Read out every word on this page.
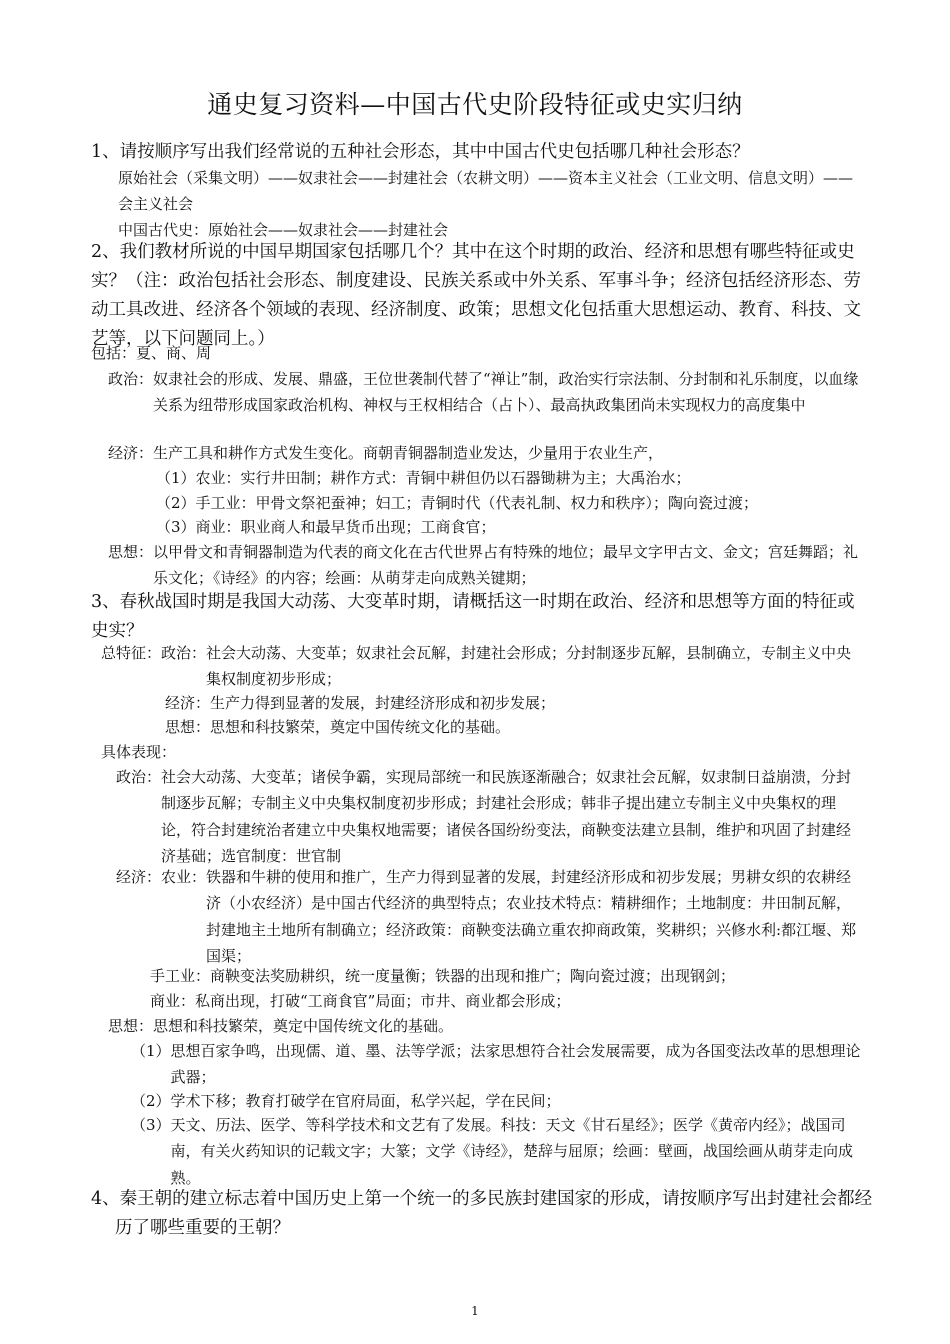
通史复习资料—中国古代史阶段特征或史实归纳
1、请按顺序写出我们经常说的五种社会形态，其中中国古代史包括哪几种社会形态？
原始社会（采集文明）——奴隶社会——封建社会（农耕文明）——资本主义社会（工业文明、信息文明）——会主义社会
中国古代史：原始社会——奴隶社会——封建社会
2、我们教材所说的中国早期国家包括哪几个？其中在这个时期的政治、经济和思想有哪些特征或史实？（注：政治包括社会形态、制度建设、民族关系或中外关系、军事斗争；经济包括经济形态、劳动工具改进、经济各个领域的表现、经济制度、政策；思想文化包括重大思想运动、教育、科技、文艺等，以下问题同上。）
包括：夏、商、周
政治： 奴隶社会的形成、发展、鼎盛，王位世袭制代替了“禅让”制，政治实行宗法制、分封制和礼乐制度，以血缘关系为纽带形成国家政治机构、神权与王权相结合（占卜）、最高执政集团尚未实现权力的高度集中
经济： 生产工具和耕作方式发生变化。商朝青铜器制造业发达，少量用于农业生产，
（1）农业：实行井田制；耕作方式：青铜中耕但仍以石器锄耕为主；大禹治水；
（2）手工业：甲骨文祭祀蚕神；妇工；青铜时代（代表礼制、权力和秩序）；陶向瓷过渡；
（3）商业：职业商人和最早货币出现；工商食官；
思想： 以甲骨文和青铜器制造为代表的商文化在古代世界占有特殊的地位；最早文字甲古文、金文；宫廷舞蹈；礼乐文化；《诗经》的内容；绘画：从萌芽走向成熟关键期；
3、春秋战国时期是我国大动荡、大变革时期，请概括这一时期在政治、经济和思想等方面的特征或史实？
总特征：政治： 社会大动荡、大变革；奴隶社会瓦解，封建社会形成；分封制逐步瓦解，县制确立，专制主义中央集权制度初步形成；
经济：生产力得到显著的发展，封建经济形成和初步发展；
思想：思想和科技繁荣，奠定中国传统文化的基础。
具体表现：
政治： 社会大动荡、大变革；诸侯争霸，实现局部统一和民族逐渐融合；奴隶社会瓦解，奴隶制日益崩溃，分封制逐步瓦解；专制主义中央集权制度初步形成；封建社会形成；韩非子提出建立专制主义中央集权的理论，符合封建统治者建立中央集权地需要；诸侯各国纷纷变法，商鞅变法建立县制，维护和巩固了封建经济基础；选官制度：世官制
经济：农业： 铁器和牛耕的使用和推广，生产力得到显著的发展，封建经济形成和初步发展；男耕女织的农耕经济（小农经济）是中国古代经济的典型特点；农业技术特点：精耕细作；土地制度：井田制瓦解，封建地主土地所有制确立；经济政策：商鞅变法确立重农抑商政策，奖耕织；兴修水利:都江堰、郑国渠；
手工业：商鞅变法奖励耕织，统一度量衡；铁器的出现和推广；陶向瓷过渡；出现钢剑；
商业：私商出现，打破“工商食官”局面；市井、商业都会形成；
思想：思想和科技繁荣，奠定中国传统文化的基础。
（1） 思想百家争鸣，出现儒、道、墨、法等学派；法家思想符合社会发展需要，成为各国变法改革的思想理论武器；
（2）学术下移；教育打破学在官府局面，私学兴起，学在民间；
（3） 天文、历法、医学、等科学技术和文艺有了发展。科技：天文《甘石星经》；医学《黄帝内经》；战国司南，有关火药知识的记载文字；大篆；文学《诗经》，楚辞与屈原；绘画：壁画，战国绘画从萌芽走向成熟。
4、秦王朝的建立标志着中国历史上第一个统一的多民族封建国家的形成，请按顺序写出封建社会都经历了哪些重要的王朝？
1
